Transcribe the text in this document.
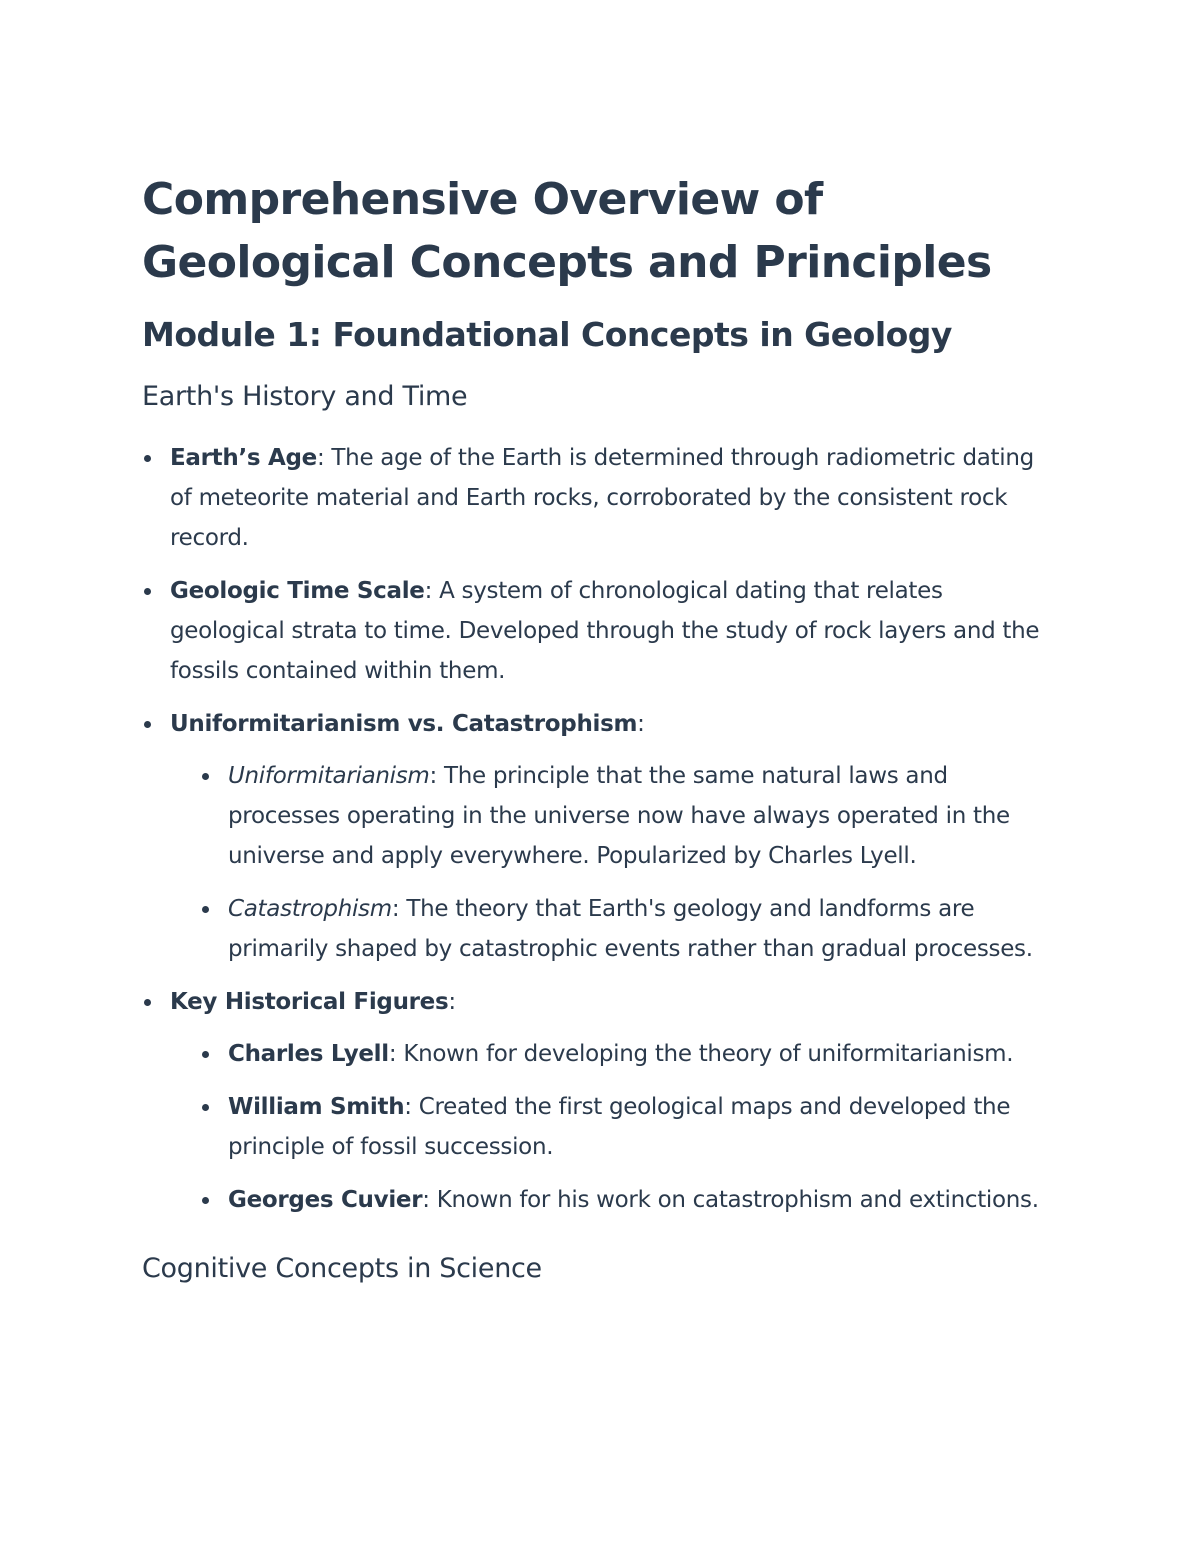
Comprehensive Overview of Geological Concepts and Principles
Module 1: Foundational Concepts in Geology
Earth's History and Time
Earth’s Age: The age of the Earth is determined through radiometric dating of meteorite material and Earth rocks, corroborated by the consistent rock record.
Geologic Time Scale: A system of chronological dating that relates geological strata to time. Developed through the study of rock layers and the fossils contained within them.
Uniformitarianism vs. Catastrophism:
Uniformitarianism: The principle that the same natural laws and processes operating in the universe now have always operated in the universe and apply everywhere. Popularized by Charles Lyell.
Catastrophism: The theory that Earth's geology and landforms are primarily shaped by catastrophic events rather than gradual processes.
Key Historical Figures:
Charles Lyell: Known for developing the theory of uniformitarianism.
William Smith: Created the first geological maps and developed the principle of fossil succession.
Georges Cuvier: Known for his work on catastrophism and extinctions.
Cognitive Concepts in Science
